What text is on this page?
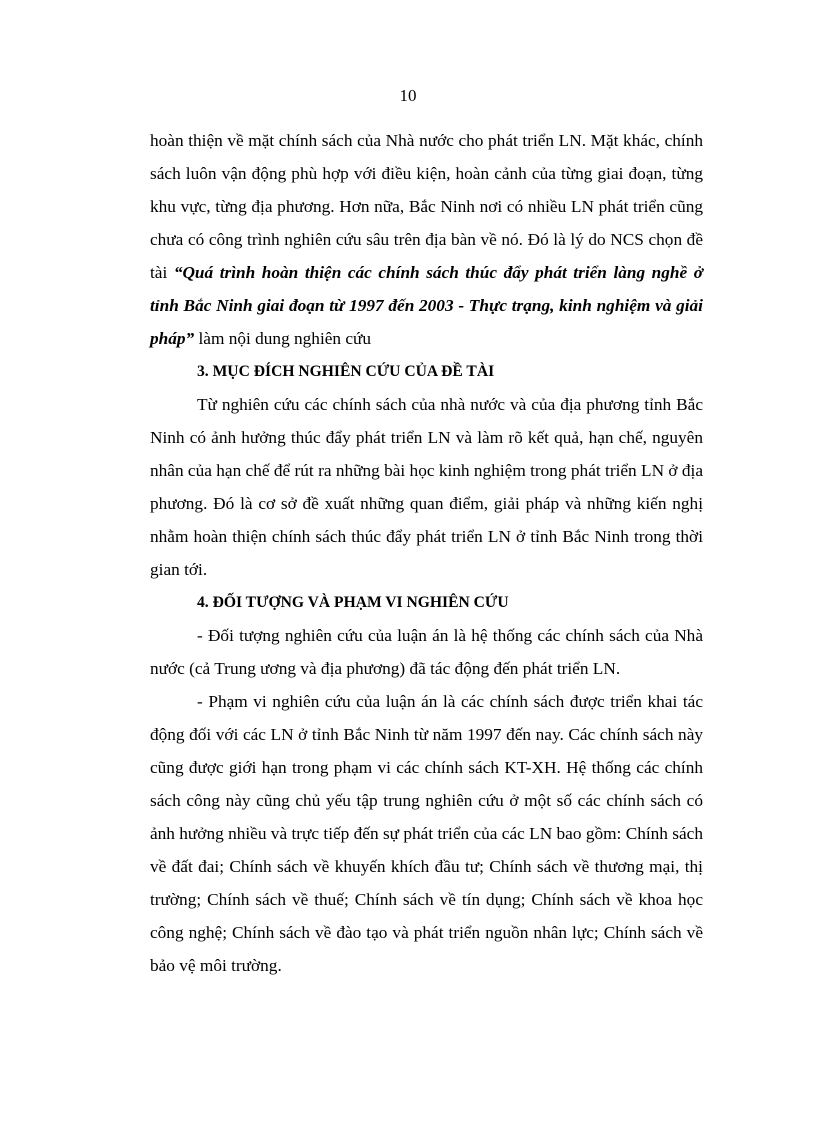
10

hoàn thiện về mặt chính sách của Nhà nước cho phát triển LN. Mặt khác, chính sách luôn vận động phù hợp với điều kiện, hoàn cảnh của từng giai đoạn, từng khu vực, từng địa phương. Hơn nữa, Bắc Ninh nơi có nhiều LN phát triển cũng chưa có công trình nghiên cứu sâu trên địa bàn về nó. Đó là lý do NCS chọn đề tài “Quá trình hoàn thiện các chính sách thúc đẩy phát triển làng nghề ở tỉnh Bắc Ninh giai đoạn từ 1997 đến 2003 - Thực trạng, kinh nghiệm và giải pháp” làm nội dung nghiên cứu

3. MỤC ĐÍCH NGHIÊN CỨU CỦA ĐỀ TÀI

Từ nghiên cứu các chính sách của nhà nước và của địa phương tỉnh Bắc Ninh có ảnh hưởng thúc đẩy phát triển LN và làm rõ kết quả, hạn chế, nguyên nhân của hạn chế để rút ra những bài học kinh nghiệm trong phát triển LN ở địa phương. Đó là cơ sở đề xuất những quan điểm, giải pháp và những kiến nghị nhằm hoàn thiện chính sách thúc đẩy phát triển LN ở tỉnh Bắc Ninh trong thời gian tới.

4. ĐỐI TƯỢNG VÀ PHẠM VI NGHIÊN CỨU

- Đối tượng nghiên cứu của luận án là hệ thống các chính sách của Nhà nước (cả Trung ương và địa phương) đã tác động đến phát triển LN.

- Phạm vi nghiên cứu của luận án là các chính sách được triển khai tác động đối với các LN ở tỉnh Bắc Ninh từ năm 1997 đến nay. Các chính sách này cũng được giới hạn trong phạm vi các chính sách KT-XH. Hệ thống các chính sách công này cũng chủ yếu tập trung nghiên cứu ở một số các chính sách có ảnh hưởng nhiều và trực tiếp đến sự phát triển của các LN bao gồm: Chính sách về đất đai; Chính sách về khuyến khích đầu tư; Chính sách về thương mại, thị trường; Chính sách về thuế; Chính sách về tín dụng; Chính sách về khoa học công nghệ; Chính sách về đào tạo và phát triển nguồn nhân lực; Chính sách về bảo vệ môi trường.
